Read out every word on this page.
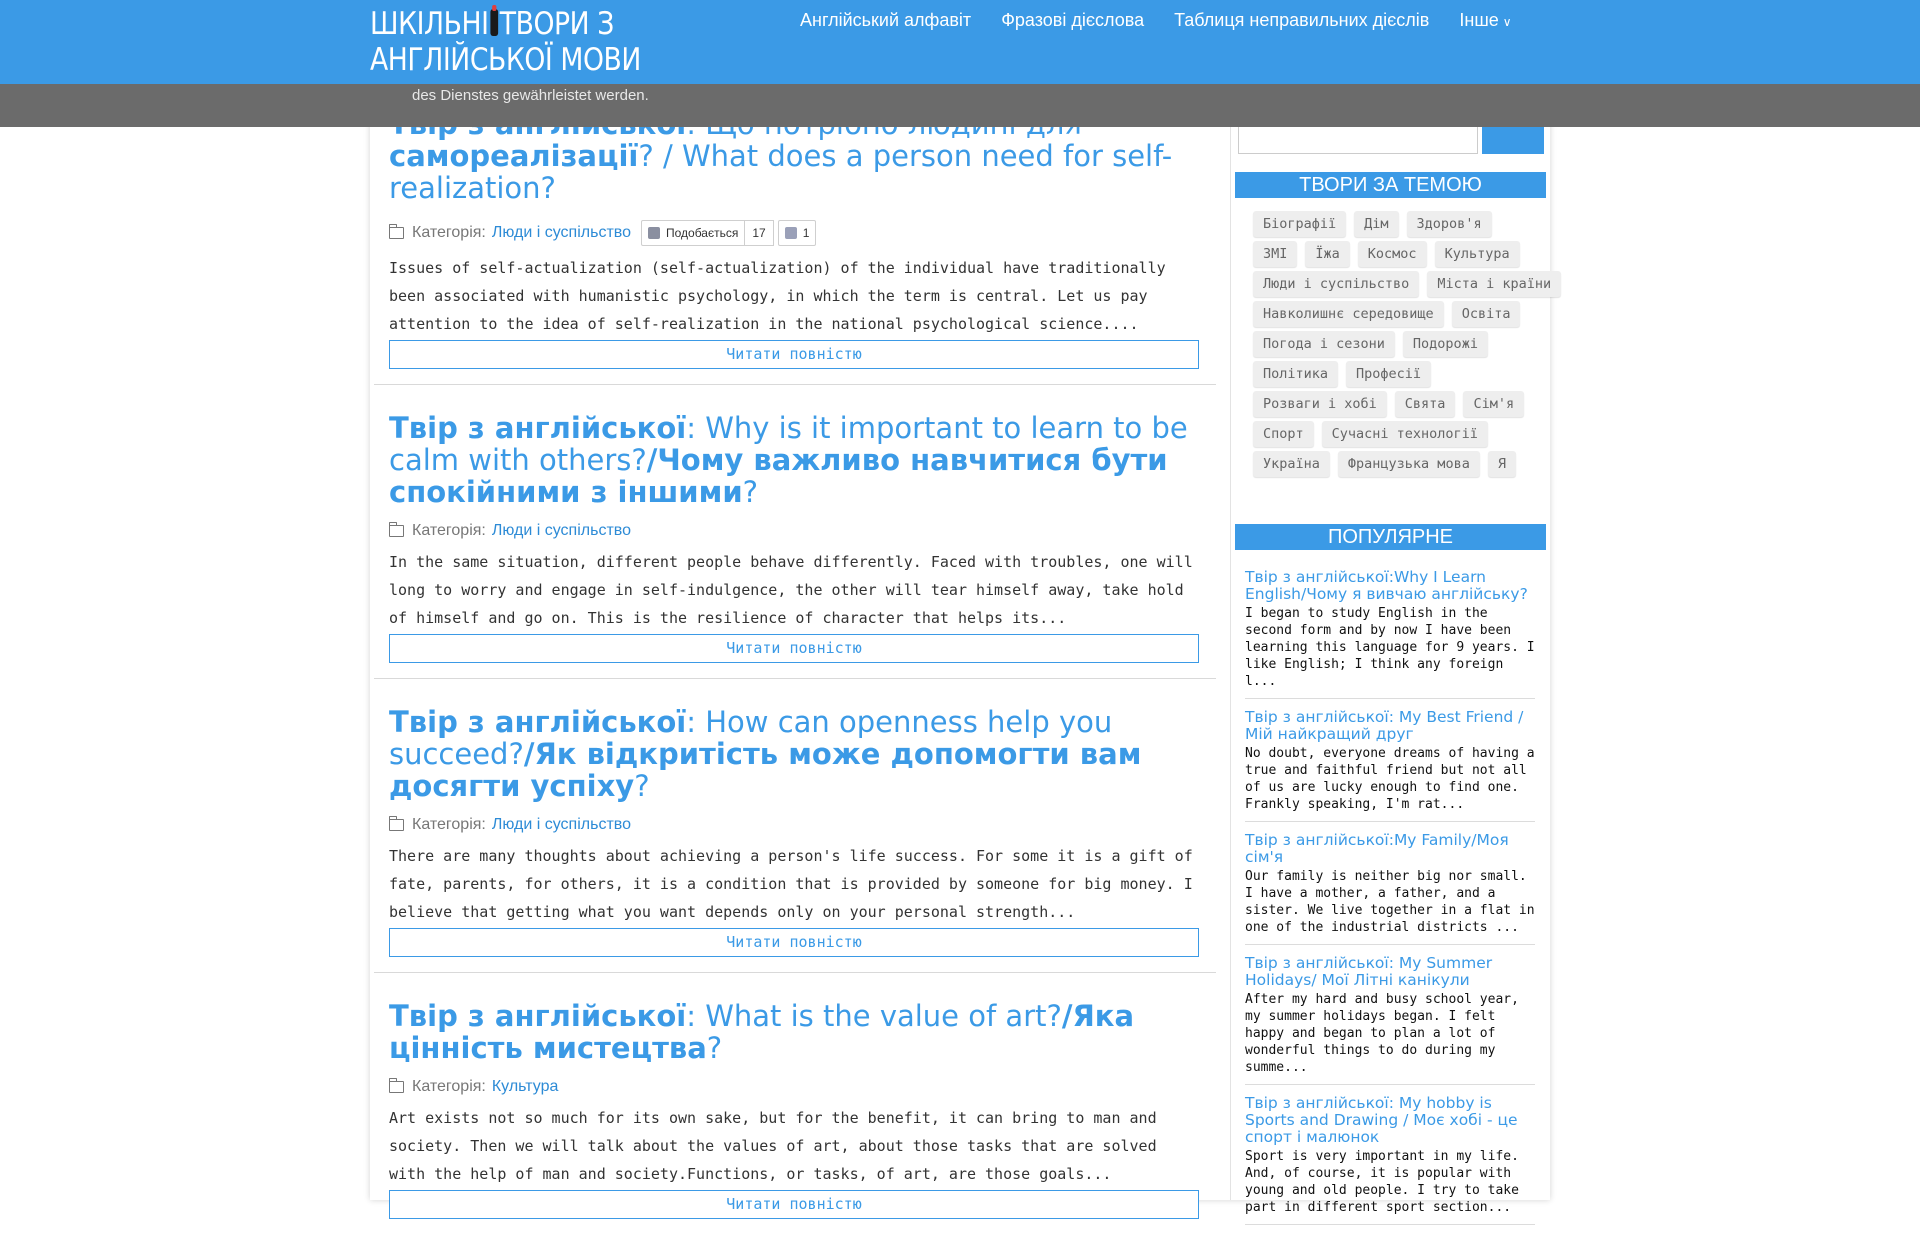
ШКІЛЬНІ ТВОРИ З
АНГЛІЙСЬКОЇ МОВИ
Англійський алфавіт Фразові дієслова Таблиця неправильних дієслів Інше ∨
des Dienstes gewährleistet werden.
самореалізації? / What does a person need for self-realization?
Категорія: Люди і суспільство	Подобається	17	1

Issues of self-actualization (self-actualization) of the individual have traditionally been associated with humanistic psychology, in which the term is central. Let us pay attention to the idea of self-realization in the national psychological science....

Читати повністю
Твір з англійської: Why is it important to learn to be calm with others?/Чому важливо навчитися бути спокійними з іншими?
Категорія: Люди і суспільство

In the same situation, different people behave differently. Faced with troubles, one will long to worry and engage in self-indulgence, the other will tear himself away, take hold of himself and go on. This is the resilience of character that helps its...

Читати повністю
Твір з англійської: How can openness help you succeed?/Як відкритість може допомогти вам досягти успіху?
Категорія: Люди і суспільство

There are many thoughts about achieving a person's life success. For some it is a gift of fate, parents, for others, it is a condition that is provided by someone for big money. I believe that getting what you want depends only on your personal strength...

Читати повністю
Твір з англійської: What is the value of art?/Яка цінність мистецтва?
Категорія: Культура

Art exists not so much for its own sake, but for the benefit, it can bring to man and society. Then we will talk about the values of art, about those tasks that are solved with the help of man and society.Functions, or tasks, of art, are those goals...

Читати повністю
ТВОРИ ЗА ТЕМОЮ
Біографії	Дім	Здоров'я
ЗМІ	Їжа	Космос	Культура
Люди і суспільство	Міста і країни
Навколишнє середовище	Освіта
Погода і сезони	Подорожі
Політика	Професії
Розваги і хобі	Свята	Сім'я
Спорт	Сучасні технології
Україна	Французька мова	Я
ПОПУЛЯРНЕ
Твір з англійської:Why I Learn English/Чому я вивчаю англійську?
I began to study English in the second form and by now I have been learning this language for 9 years. I like English; I think any foreign l...
Твір з англійської: My Best Friend / Мій найкращий друг
No doubt, everyone dreams of having a true and faithful friend but not all of us are lucky enough to find one. Frankly speaking, I'm rat...
Твір з англійської:My Family/Моя сім'я
Our family is neither big nor small. I have a mother, a father, and a sister. We live together in a flat in one of the industrial districts ...
Твір з англійської: My Summer Holidays/ Мої Літні канікули
After my hard and busy school year, my summer holidays began. I felt happy and began to plan a lot of wonderful things to do during my summe...
Твір з англійської: My hobby is Sports and Drawing / Моє хобі - це спорт і малюнок
Sport is very important in my life. And, of course, it is popular with young and old people. I try to take part in different sport section...
